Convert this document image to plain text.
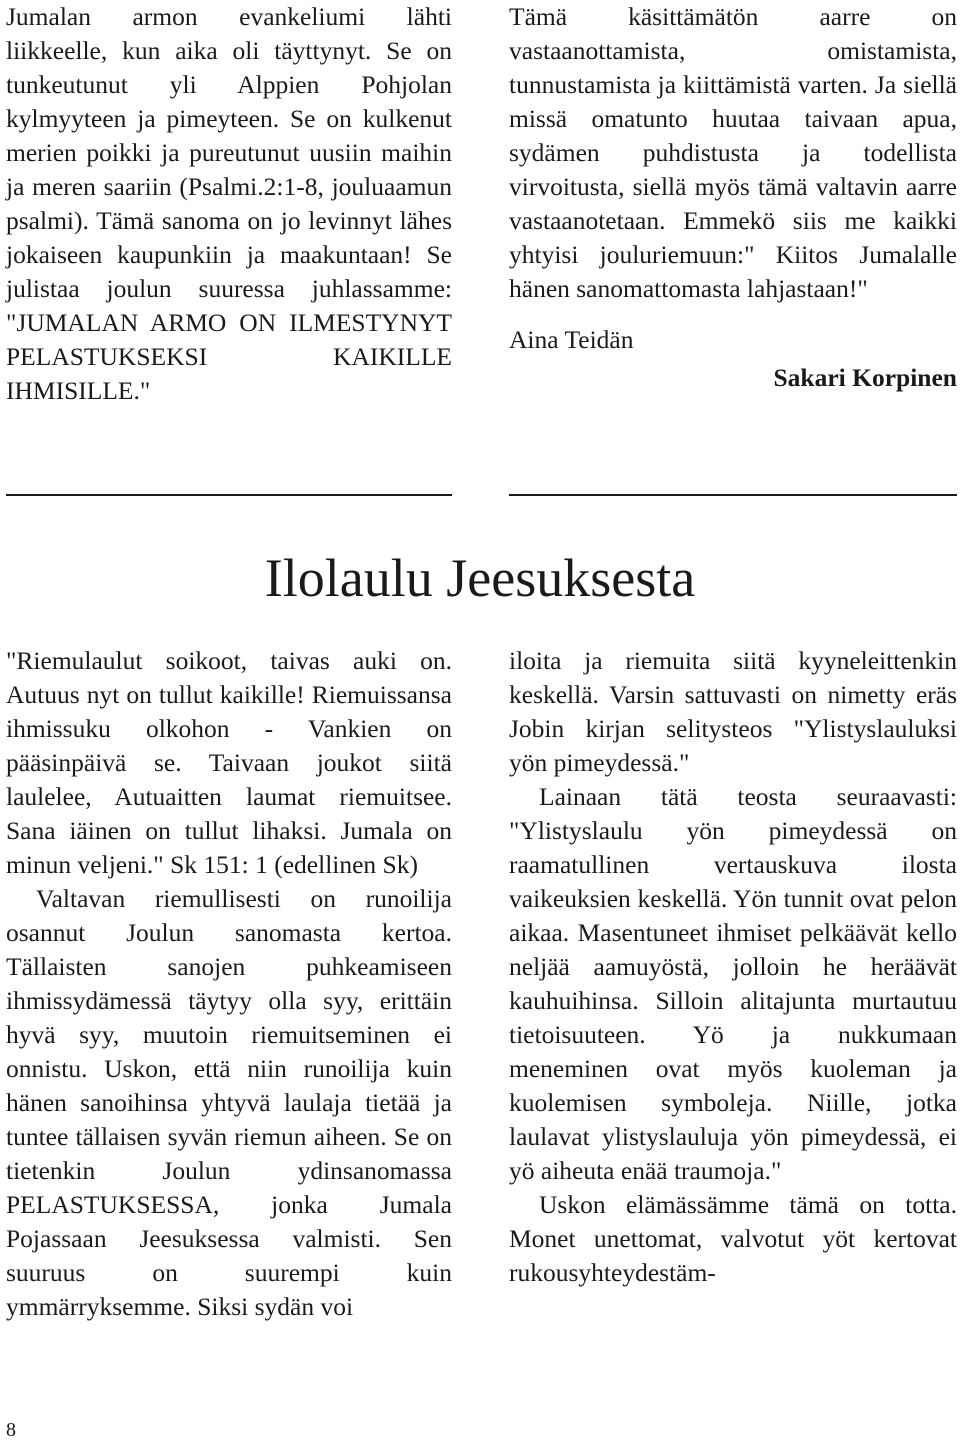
Jumalan armon evankeliumi lähti liikkeelle, kun aika oli täyttynyt. Se on tunkeutunut yli Alppien Pohjolan kylmyyteen ja pimeyteen. Se on kulkenut merien poikki ja pureutunut uusiin maihin ja meren saariin (Psalmi.2:1-8, jouluaamun psalmi). Tämä sanoma on jo levinnyt lähes jokaiseen kaupunkiin ja maakuntaan! Se julistaa joulun suuressa juhlassamme: "JUMALAN ARMO ON ILMESTYNYT PELASTUKSEKSI KAIKILLE IHMISILLE."

Tämä käsittämätön aarre on vastaanottamista, omistamista, tunnustamista ja kiittämistä varten. Ja siellä missä omatunto huutaa taivaan apua, sydämen puhdistusta ja todellista virvoitusta, siellä myös tämä valtavin aarre vastaanotetaan. Emmekö siis me kaikki yhtyisi jouluriemuun:" Kiitos Jumalalle hänen sanomattomasta lahjastaan!"

Aina Teidän

Sakari Korpinen

Ilolaulu Jeesuksesta

"Riemulaulut soikoot, taivas auki on. Autuus nyt on tullut kaikille! Riemuissansa ihmissuku olkohon - Vankien on pääsinpäivä se. Taivaan joukot siitä laulelee, Autuaitten laumat riemuitsee. Sana iäinen on tullut lihaksi. Jumala on minun veljeni." Sk 151: 1 (edellinen Sk)

Valtavan riemullisesti on runoilija osannut Joulun sanomasta kertoa. Tällaisten sanojen puhkeamiseen ihmissydämessä täytyy olla syy, erittäin hyvä syy, muutoin riemuitseminen ei onnistu. Uskon, että niin runoilija kuin hänen sanoihinsa yhtyvä laulaja tietää ja tuntee tällaisen syvän riemun aiheen. Se on tietenkin Joulun ydinsanomassa PELASTUKSESSA, jonka Jumala Pojassaan Jeesuksessa valmisti. Sen suuruus on suurempi kuin ymmärryksemme. Siksi sydän voi

iloita ja riemuita siitä kyyneleittenkin keskellä. Varsin sattuvasti on nimetty eräs Jobin kirjan selitysteos "Ylistyslauluksi yön pimeydessä."

Lainaan tätä teosta seuraavasti: "Ylistyslaulu yön pimeydessä on raamatullinen vertauskuva ilosta vaikeuksien keskellä. Yön tunnit ovat pelon aikaa. Masentuneet ihmiset pelkäävät kello neljää aamuyöstä, jolloin he heräävät kauhuihinsa. Silloin alitajunta murtautuu tietoisuuteen. Yö ja nukkumaan meneminen ovat myös kuoleman ja kuolemisen symboleja. Niille, jotka laulavat ylistyslauluja yön pimeydessä, ei yö aiheuta enää traumoja."

Uskon elämässämme tämä on totta. Monet unettomat, valvotut yöt kertovat rukousyhteydestäm-

8
